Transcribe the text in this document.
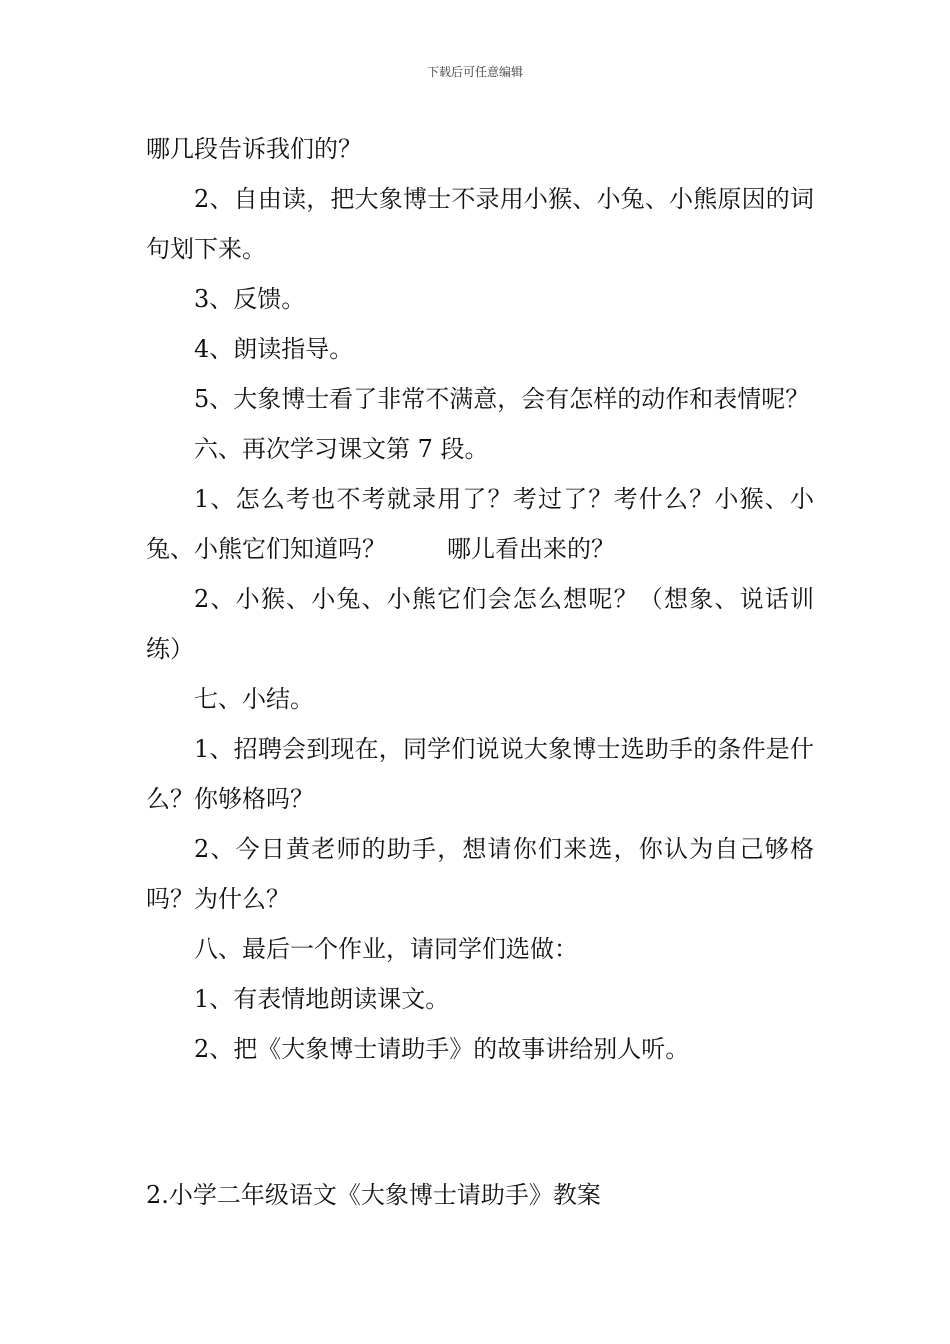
下载后可任意编辑

哪几段告诉我们的？

2、自由读，把大象博士不录用小猴、小兔、小熊原因的词句划下来。

3、反馈。

4、朗读指导。

5、大象博士看了非常不满意，会有怎样的动作和表情呢？

六、再次学习课文第 7 段。

1、怎么考也不考就录用了？考过了？考什么？小猴、小兔、小熊它们知道吗？        哪儿看出来的？

2、小猴、小兔、小熊它们会怎么想呢？（想象、说话训练）

七、小结。

1、招聘会到现在，同学们说说大象博士选助手的条件是什么？你够格吗？

2、今日黄老师的助手，想请你们来选，你认为自己够格吗？为什么？

八、最后一个作业，请同学们选做：

1、有表情地朗读课文。

2、把《大象博士请助手》的故事讲给别人听。

2.小学二年级语文《大象博士请助手》教案
